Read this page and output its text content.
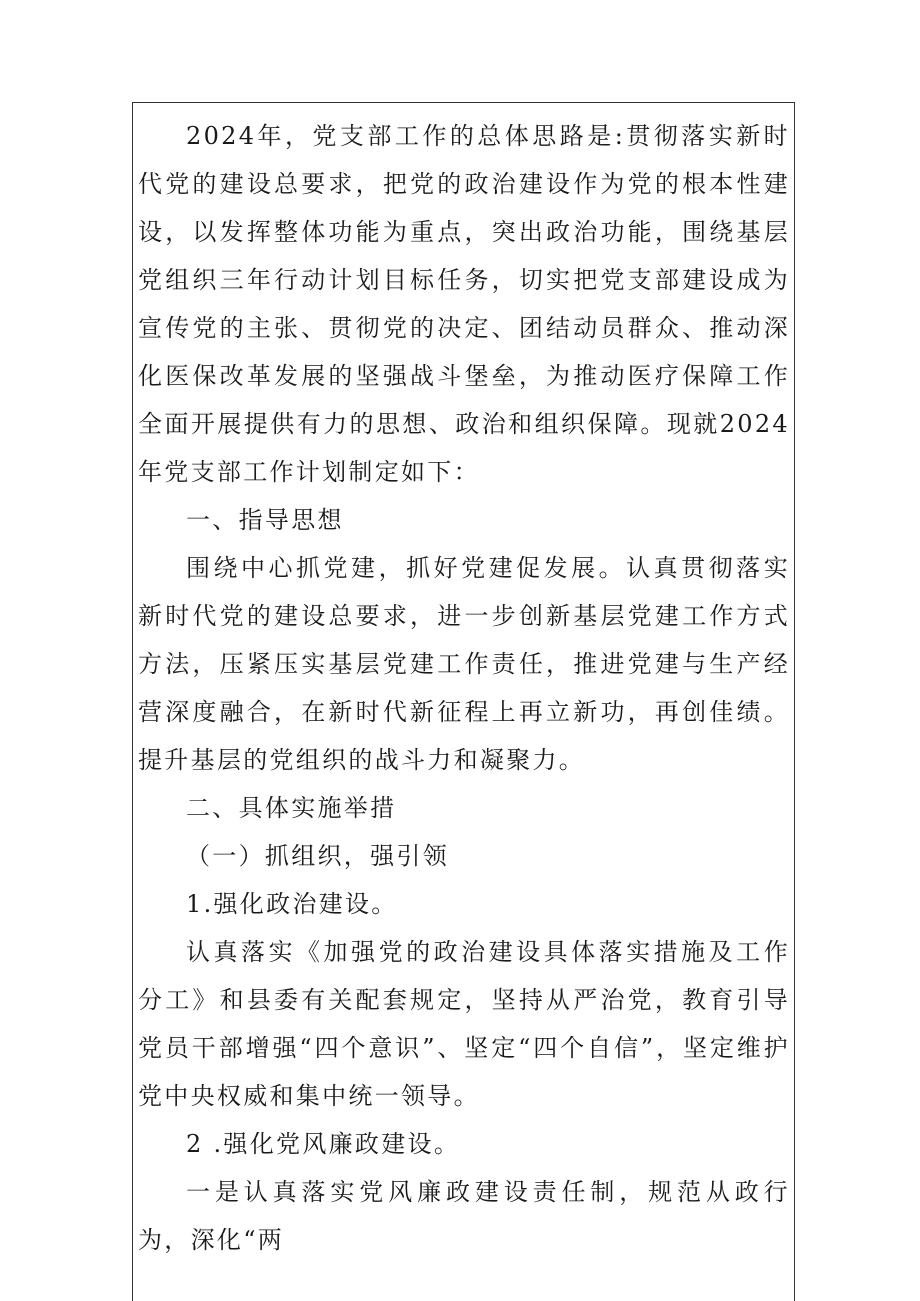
2024年，党支部工作的总体思路是:贯彻落实新时代党的建设总要求，把党的政治建设作为党的根本性建设，以发挥整体功能为重点，突出政治功能，围绕基层党组织三年行动计划目标任务，切实把党支部建设成为宣传党的主张、贯彻党的决定、团结动员群众、推动深化医保改革发展的坚强战斗堡垒，为推动医疗保障工作全面开展提供有力的思想、政治和组织保障。现就2024年党支部工作计划制定如下：

一、指导思想

围绕中心抓党建，抓好党建促发展。认真贯彻落实新时代党的建设总要求，进一步创新基层党建工作方式方法，压紧压实基层党建工作责任，推进党建与生产经营深度融合，在新时代新征程上再立新功，再创佳绩。提升基层的党组织的战斗力和凝聚力。

二、具体实施举措

（一）抓组织，强引领

1.强化政治建设。

认真落实《加强党的政治建设具体落实措施及工作分工》和县委有关配套规定，坚持从严治党，教育引导党员干部增强“四个意识”、坚定“四个自信”，坚定维护党中央权威和集中统一领导。

2 .强化党风廉政建设。

一是认真落实党风廉政建设责任制，规范从政行为，深化“两
